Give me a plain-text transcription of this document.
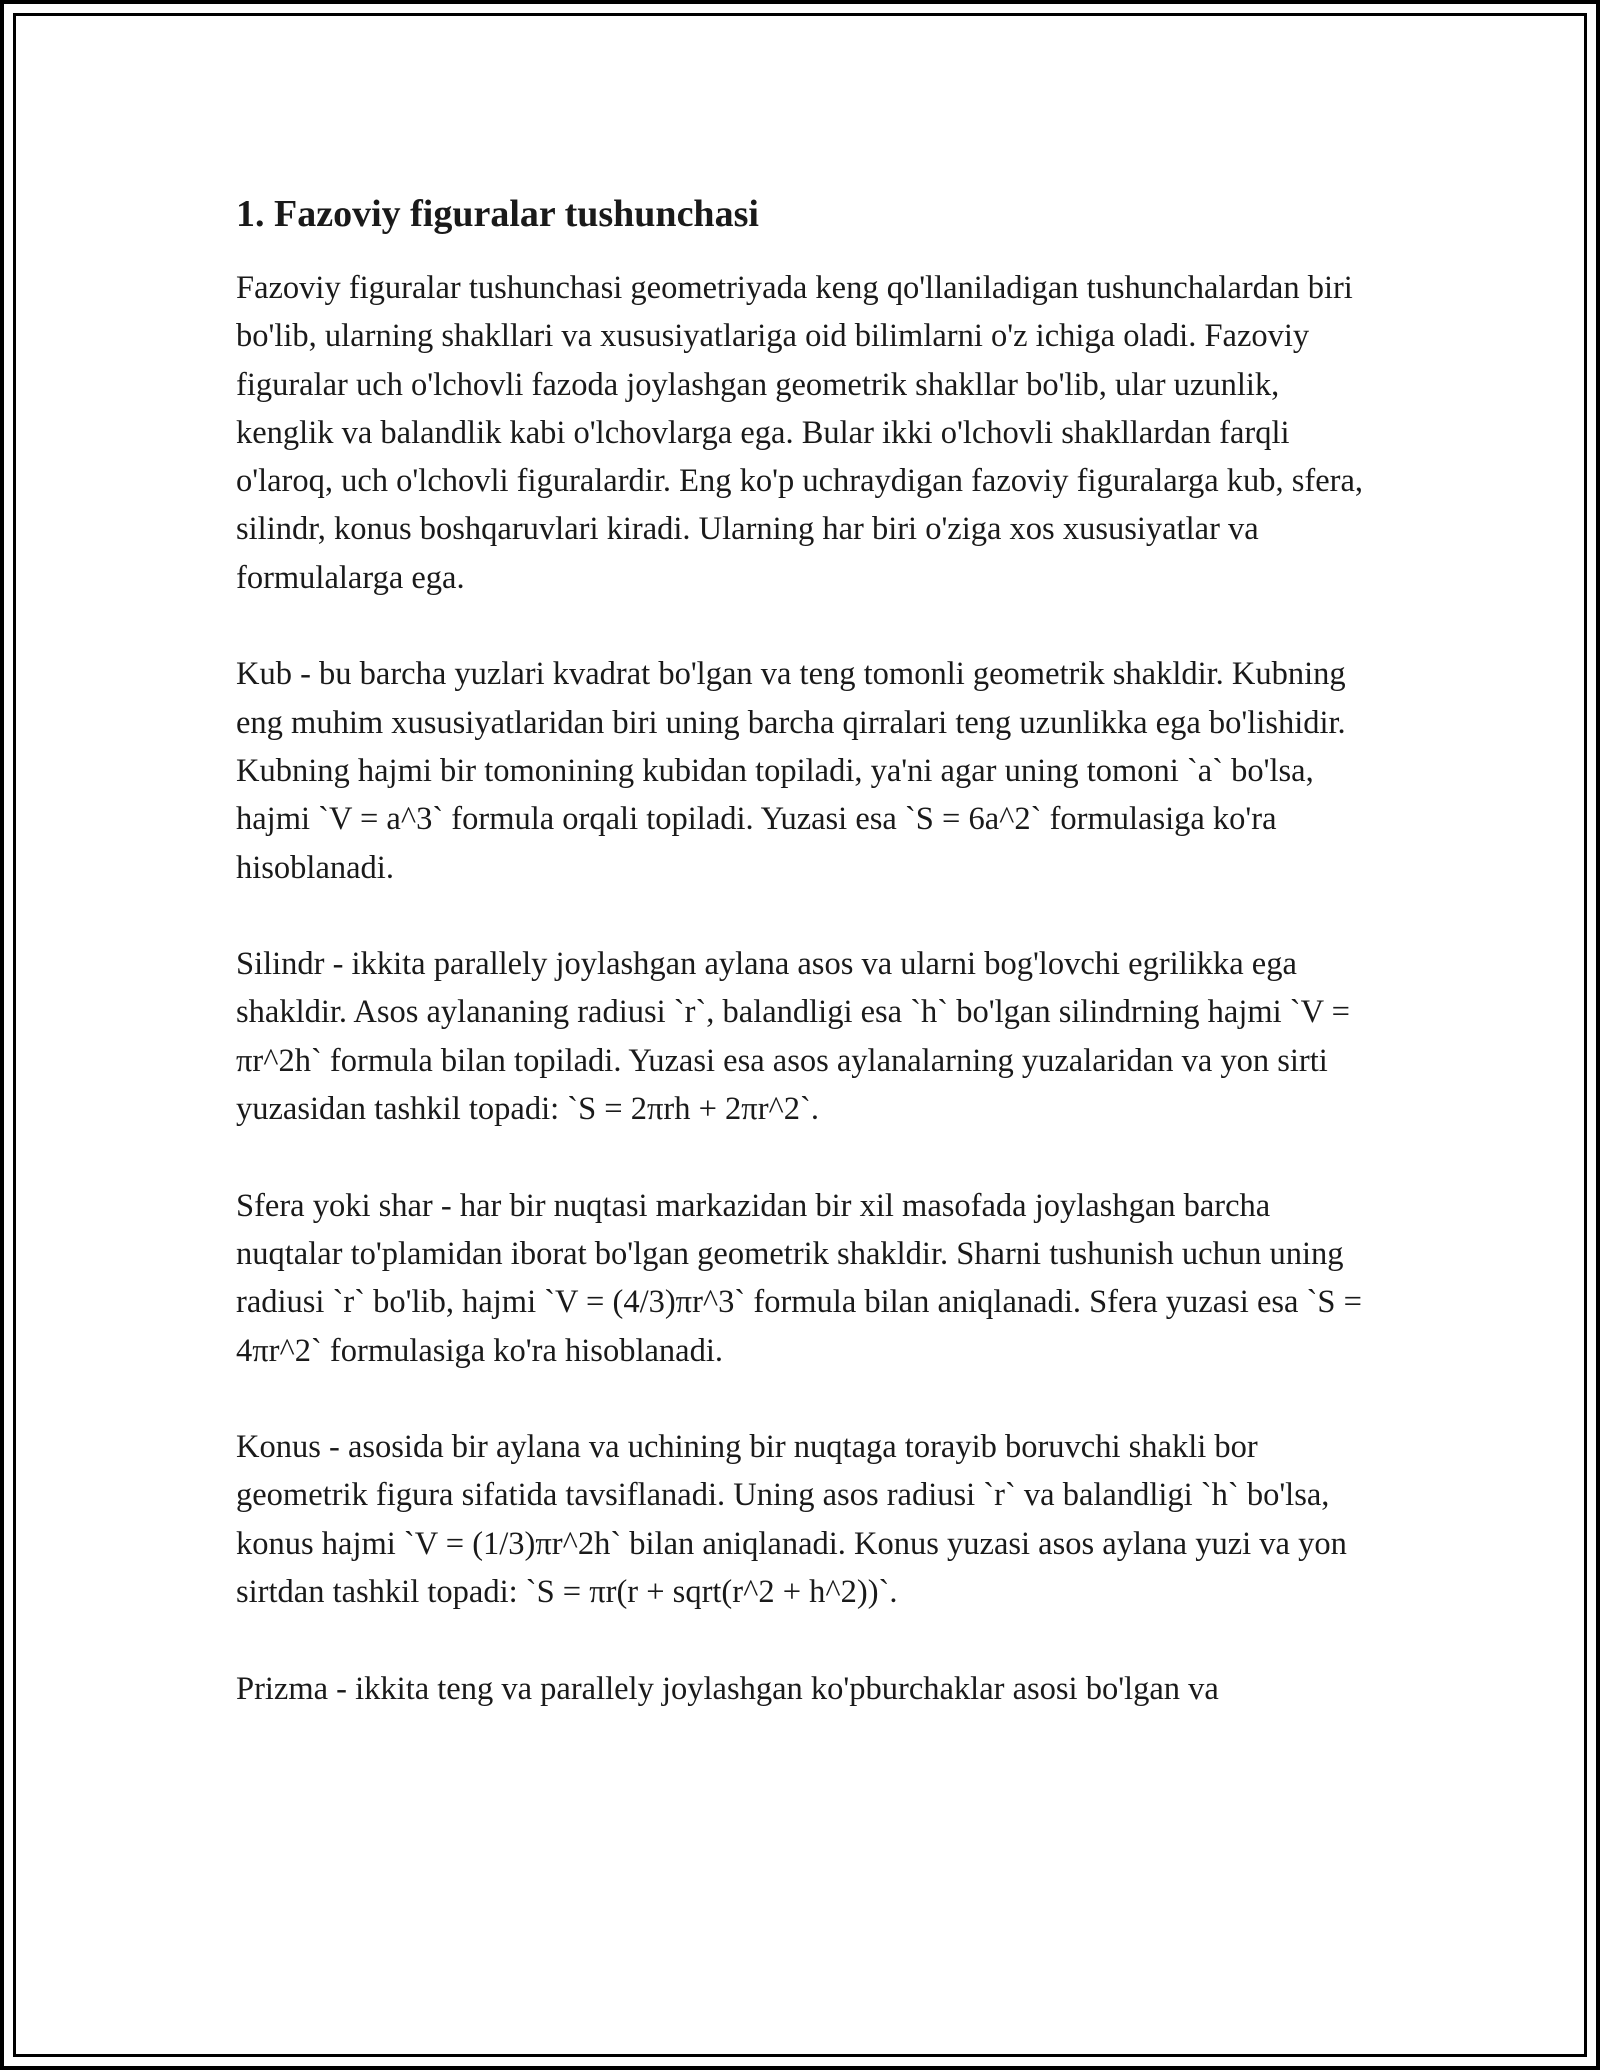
1. Fazoviy figuralar tushunchasi

Fazoviy figuralar tushunchasi geometriyada keng qo'llaniladigan tushunchalardan biri bo'lib, ularning shakllari va xususiyatlariga oid bilimlarni o'z ichiga oladi. Fazoviy figuralar uch o'lchovli fazoda joylashgan geometrik shakllar bo'lib, ular uzunlik, kenglik va balandlik kabi o'lchovlarga ega. Bular ikki o'lchovli shakllardan farqli o'laroq, uch o'lchovli figuralardir. Eng ko'p uchraydigan fazoviy figuralarga kub, sfera, silindr, konus boshqaruvlari kiradi. Ularning har biri o'ziga xos xususiyatlar va formulalarga ega.

Kub - bu barcha yuzlari kvadrat bo'lgan va teng tomonli geometrik shakldir. Kubning eng muhim xususiyatlaridan biri uning barcha qirralari teng uzunlikka ega bo'lishidir. Kubning hajmi bir tomonining kubidan topiladi, ya'ni agar uning tomoni `a` bo'lsa, hajmi `V = a^3` formula orqali topiladi. Yuzasi esa `S = 6a^2` formulasiga ko'ra hisoblanadi.

Silindr - ikkita parallely joylashgan aylana asos va ularni bog'lovchi egrilikka ega shakldir. Asos aylananing radiusi `r`, balandligi esa `h` bo'lgan silindrning hajmi `V = πr^2h` formula bilan topiladi. Yuzasi esa asos aylanalarning yuzalaridan va yon sirti yuzasidan tashkil topadi: `S = 2πrh + 2πr^2`.

Sfera yoki shar - har bir nuqtasi markazidan bir xil masofada joylashgan barcha nuqtalar to'plamidan iborat bo'lgan geometrik shakldir. Sharni tushunish uchun uning radiusi `r` bo'lib, hajmi `V = (4/3)πr^3` formula bilan aniqlanadi. Sfera yuzasi esa `S = 4πr^2` formulasiga ko'ra hisoblanadi.

Konus - asosida bir aylana va uchining bir nuqtaga torayib boruvchi shakli bor geometrik figura sifatida tavsiflanadi. Uning asos radiusi `r` va balandligi `h` bo'lsa, konus hajmi `V = (1/3)πr^2h` bilan aniqlanadi. Konus yuzasi asos aylana yuzi va yon sirtdan tashkil topadi: `S = πr(r + sqrt(r^2 + h^2))`.

Prizma - ikkita teng va parallely joylashgan ko'pburchaklar asosi bo'lgan va
